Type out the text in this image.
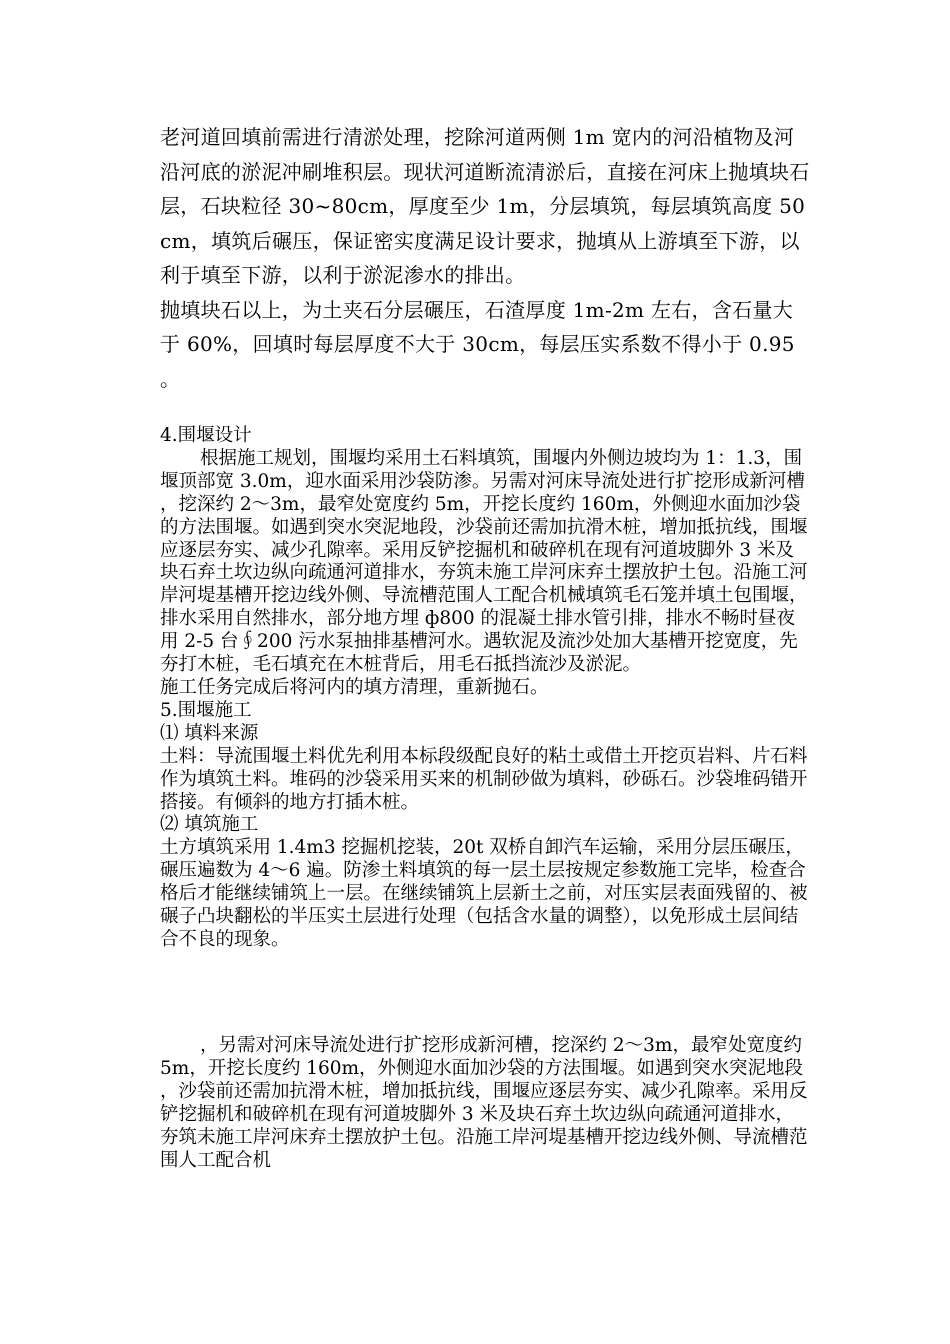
老河道回填前需进行清淤处理，挖除河道两侧 1m 宽内的河沿植物及河沿河底的淤泥冲刷堆积层。现状河道断流清淤后，直接在河床上抛填块石层，石块粒径 30~80cm，厚度至少 1m，分层填筑，每层填筑高度 50cm，填筑后碾压，保证密实度满足设计要求，抛填从上游填至下游，以利于填至下游，以利于淤泥渗水的排出。

抛填块石以上，为土夹石分层碾压，石渣厚度 1m-2m 左右，含石量大于 60%，回填时每层厚度不大于 30cm，每层压实系数不得小于 0.95。

4.围堰设计

根据施工规划，围堰均采用土石料填筑，围堰内外侧边坡均为 1：1.3，围堰顶部宽 3.0m，迎水面采用沙袋防渗。另需对河床导流处进行扩挖形成新河槽，挖深约 2～3m，最窄处宽度约 5m，开挖长度约 160m，外侧迎水面加沙袋的方法围堰。如遇到突水突泥地段，沙袋前还需加抗滑木桩，增加抵抗线，围堰应逐层夯实、减少孔隙率。采用反铲挖掘机和破碎机在现有河道坡脚外 3 米及块石弃土坎边纵向疏通河道排水，夯筑未施工岸河床弃土摆放护土包。沿施工河岸河堤基槽开挖边线外侧、导流槽范围人工配合机械填筑毛石笼并填土包围堰，排水采用自然排水，部分地方埋 ф800 的混凝土排水管引排，排水不畅时昼夜用 2-5 台∮200 污水泵抽排基槽河水。遇软泥及流沙处加大基槽开挖宽度，先夯打木桩，毛石填充在木桩背后，用毛石抵挡流沙及淤泥。

施工任务完成后将河内的填方清理，重新抛石。

5.围堰施工

⑴ 填料来源

土料：导流围堰土料优先利用本标段级配良好的粘土或借土开挖页岩料、片石料作为填筑土料。堆码的沙袋采用买来的机制砂做为填料，砂砾石。沙袋堆码错开搭接。有倾斜的地方打插木桩。

⑵ 填筑施工

土方填筑采用 1.4m3 挖掘机挖装，20t 双桥自卸汽车运输，采用分层压碾压，碾压遍数为 4～6 遍。防渗土料填筑的每一层土层按规定参数施工完毕，检查合格后才能继续铺筑上一层。在继续铺筑上层新土之前，对压实层表面残留的、被碾子凸块翻松的半压实土层进行处理（包括含水量的调整），以免形成土层间结合不良的现象。

，另需对河床导流处进行扩挖形成新河槽，挖深约 2～3m，最窄处宽度约 5m，开挖长度约 160m，外侧迎水面加沙袋的方法围堰。如遇到突水突泥地段，沙袋前还需加抗滑木桩，增加抵抗线，围堰应逐层夯实、减少孔隙率。采用反铲挖掘机和破碎机在现有河道坡脚外 3 米及块石弃土坎边纵向疏通河道排水，夯筑未施工岸河床弃土摆放护土包。沿施工岸河堤基槽开挖边线外侧、导流槽范围人工配合机
